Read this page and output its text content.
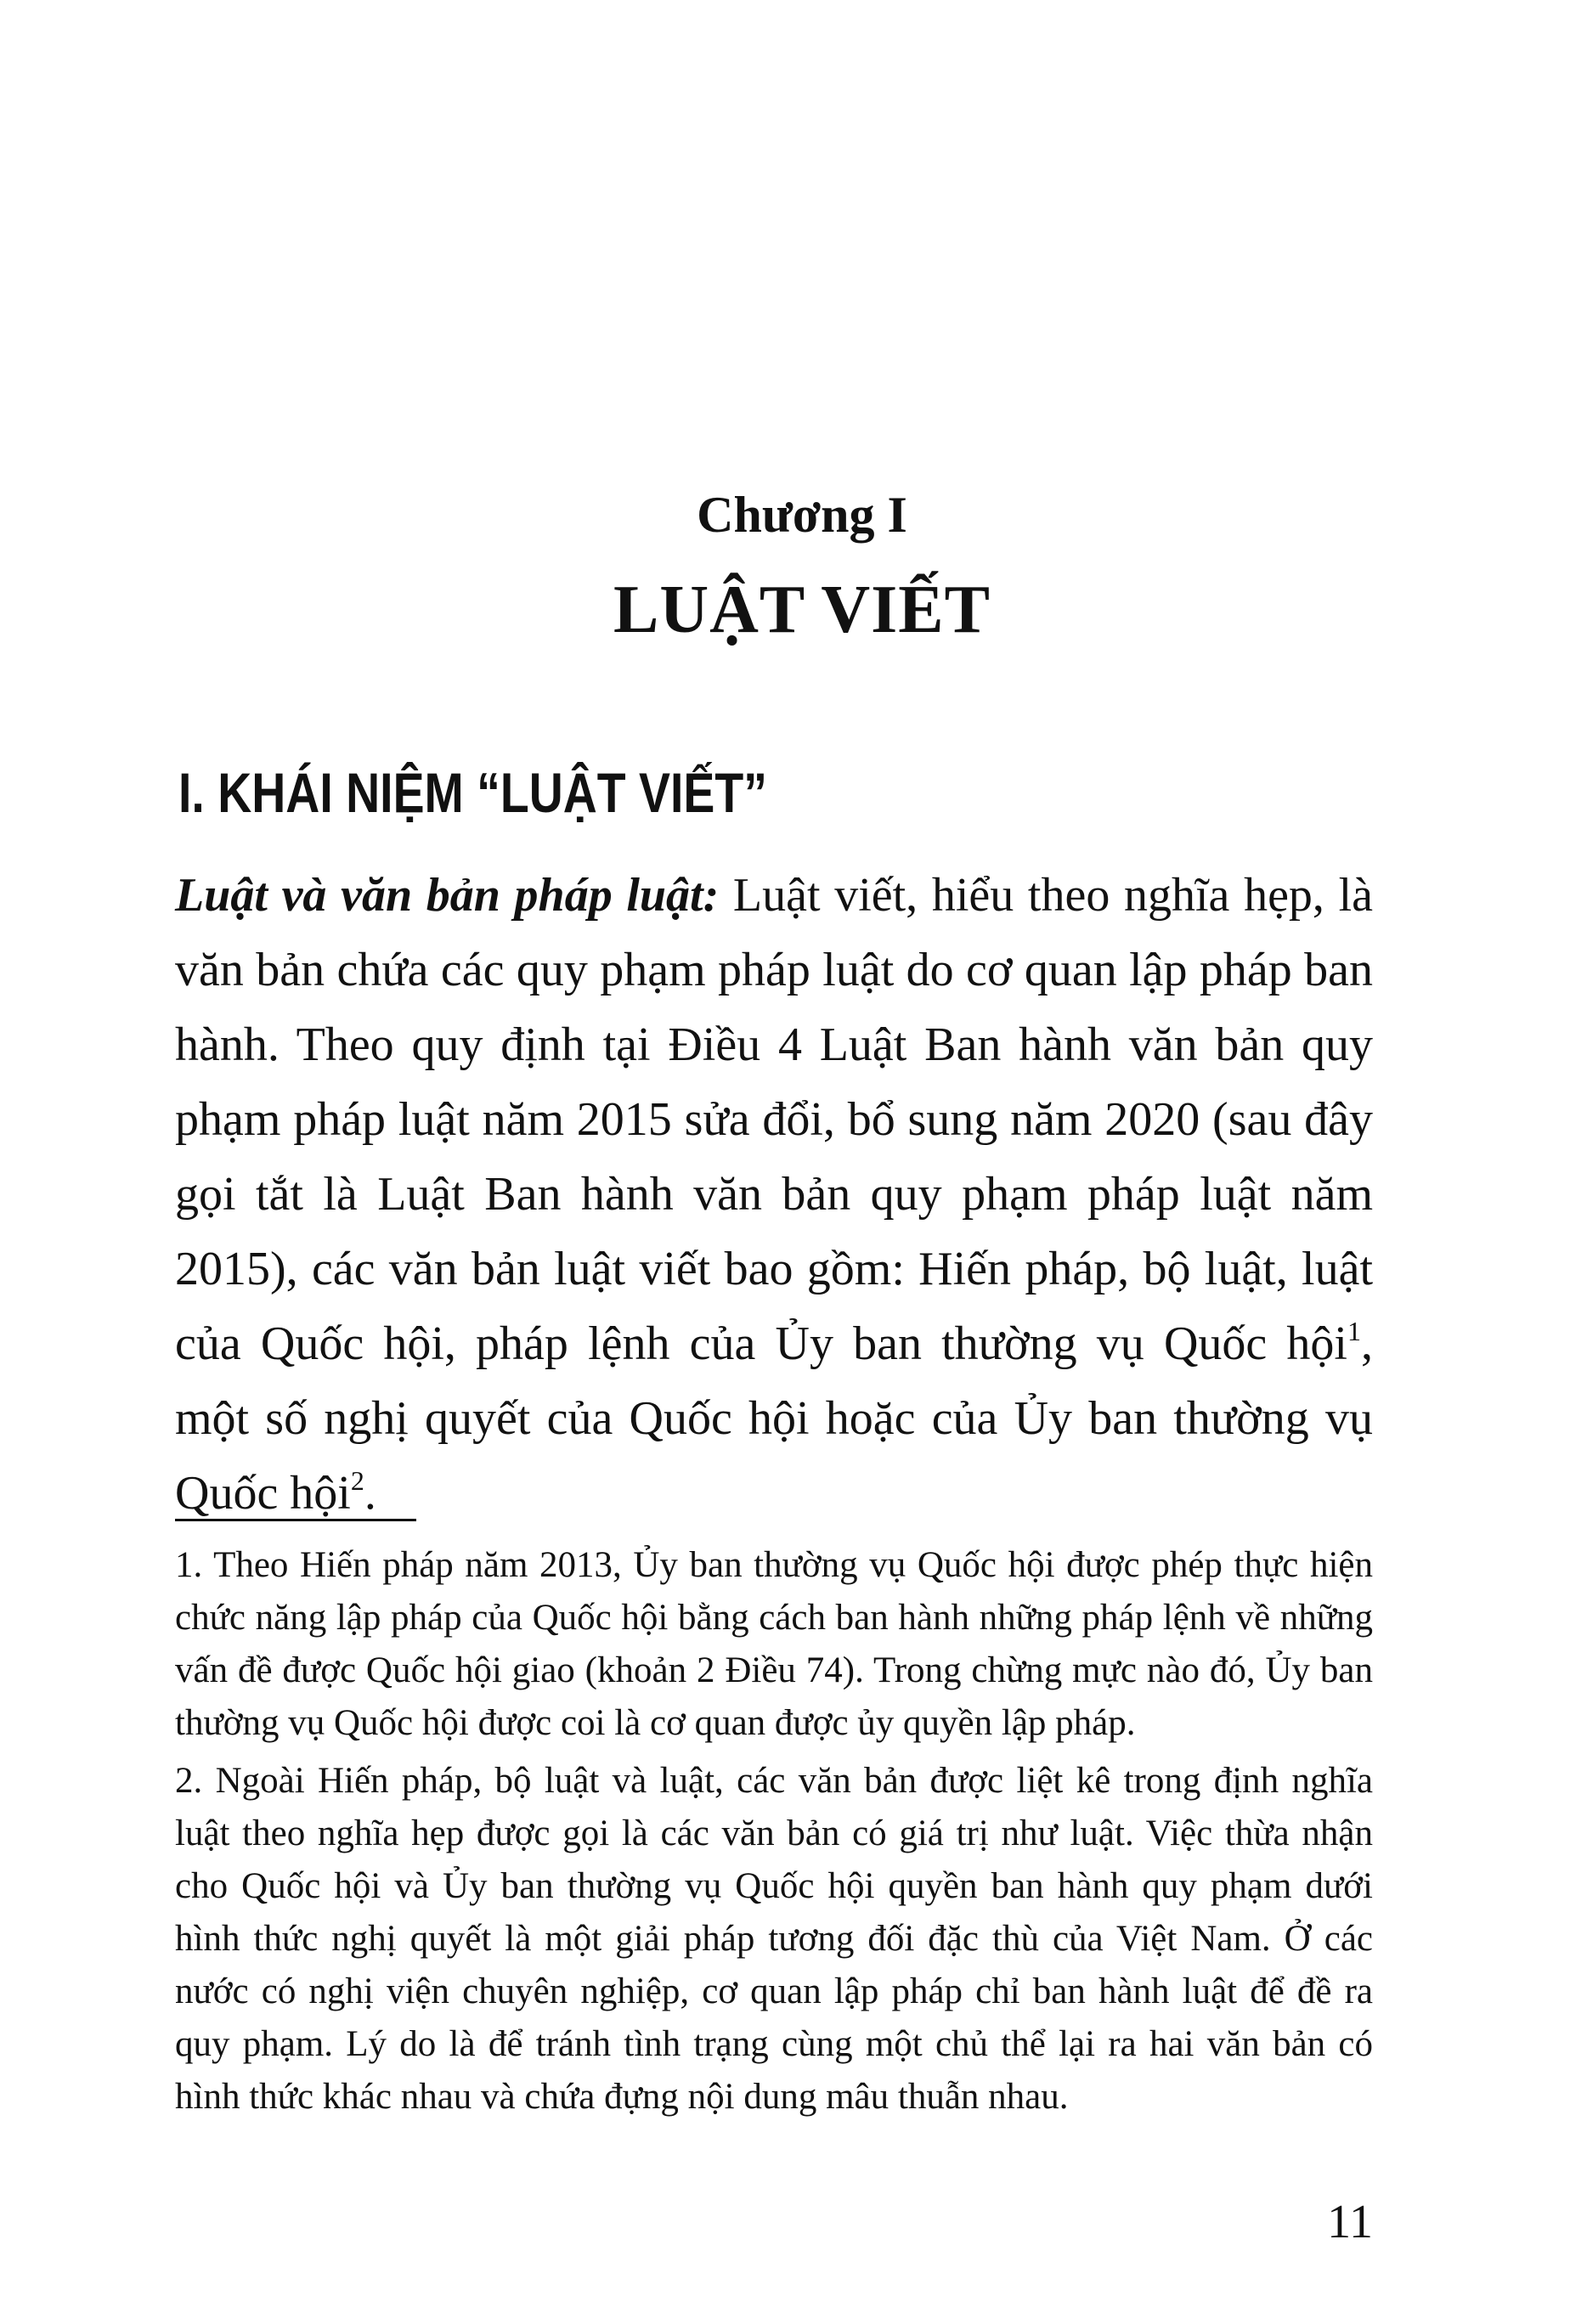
Chương I
LUẬT VIẾT
I. KHÁI NIỆM “LUẬT VIẾT”

Luật và văn bản pháp luật: Luật viết, hiểu theo nghĩa hẹp, là văn bản chứa các quy phạm pháp luật do cơ quan lập pháp ban hành. Theo quy định tại Điều 4 Luật Ban hành văn bản quy phạm pháp luật năm 2015 sửa đổi, bổ sung năm 2020 (sau đây gọi tắt là Luật Ban hành văn bản quy phạm pháp luật năm 2015), các văn bản luật viết bao gồm: Hiến pháp, bộ luật, luật của Quốc hội, pháp lệnh của Ủy ban thường vụ Quốc hội$^1$, một số nghị quyết của Quốc hội hoặc của Ủy ban thường vụ Quốc hội$^2$.

1. Theo Hiến pháp năm 2013, Ủy ban thường vụ Quốc hội được phép thực hiện chức năng lập pháp của Quốc hội bằng cách ban hành những pháp lệnh về những vấn đề được Quốc hội giao (khoản 2 Điều 74). Trong chừng mực nào đó, Ủy ban thường vụ Quốc hội được coi là cơ quan được ủy quyền lập pháp.

2. Ngoài Hiến pháp, bộ luật và luật, các văn bản được liệt kê trong định nghĩa luật theo nghĩa hẹp được gọi là các văn bản có giá trị như luật. Việc thừa nhận cho Quốc hội và Ủy ban thường vụ Quốc hội quyền ban hành quy phạm dưới hình thức nghị quyết là một giải pháp tương đối đặc thù của Việt Nam. Ở các nước có nghị viện chuyên nghiệp, cơ quan lập pháp chỉ ban hành luật để đề ra quy phạm. Lý do là để tránh tình trạng cùng một chủ thể lại ra hai văn bản có hình thức khác nhau và chứa đựng nội dung mâu thuẫn nhau.

11
